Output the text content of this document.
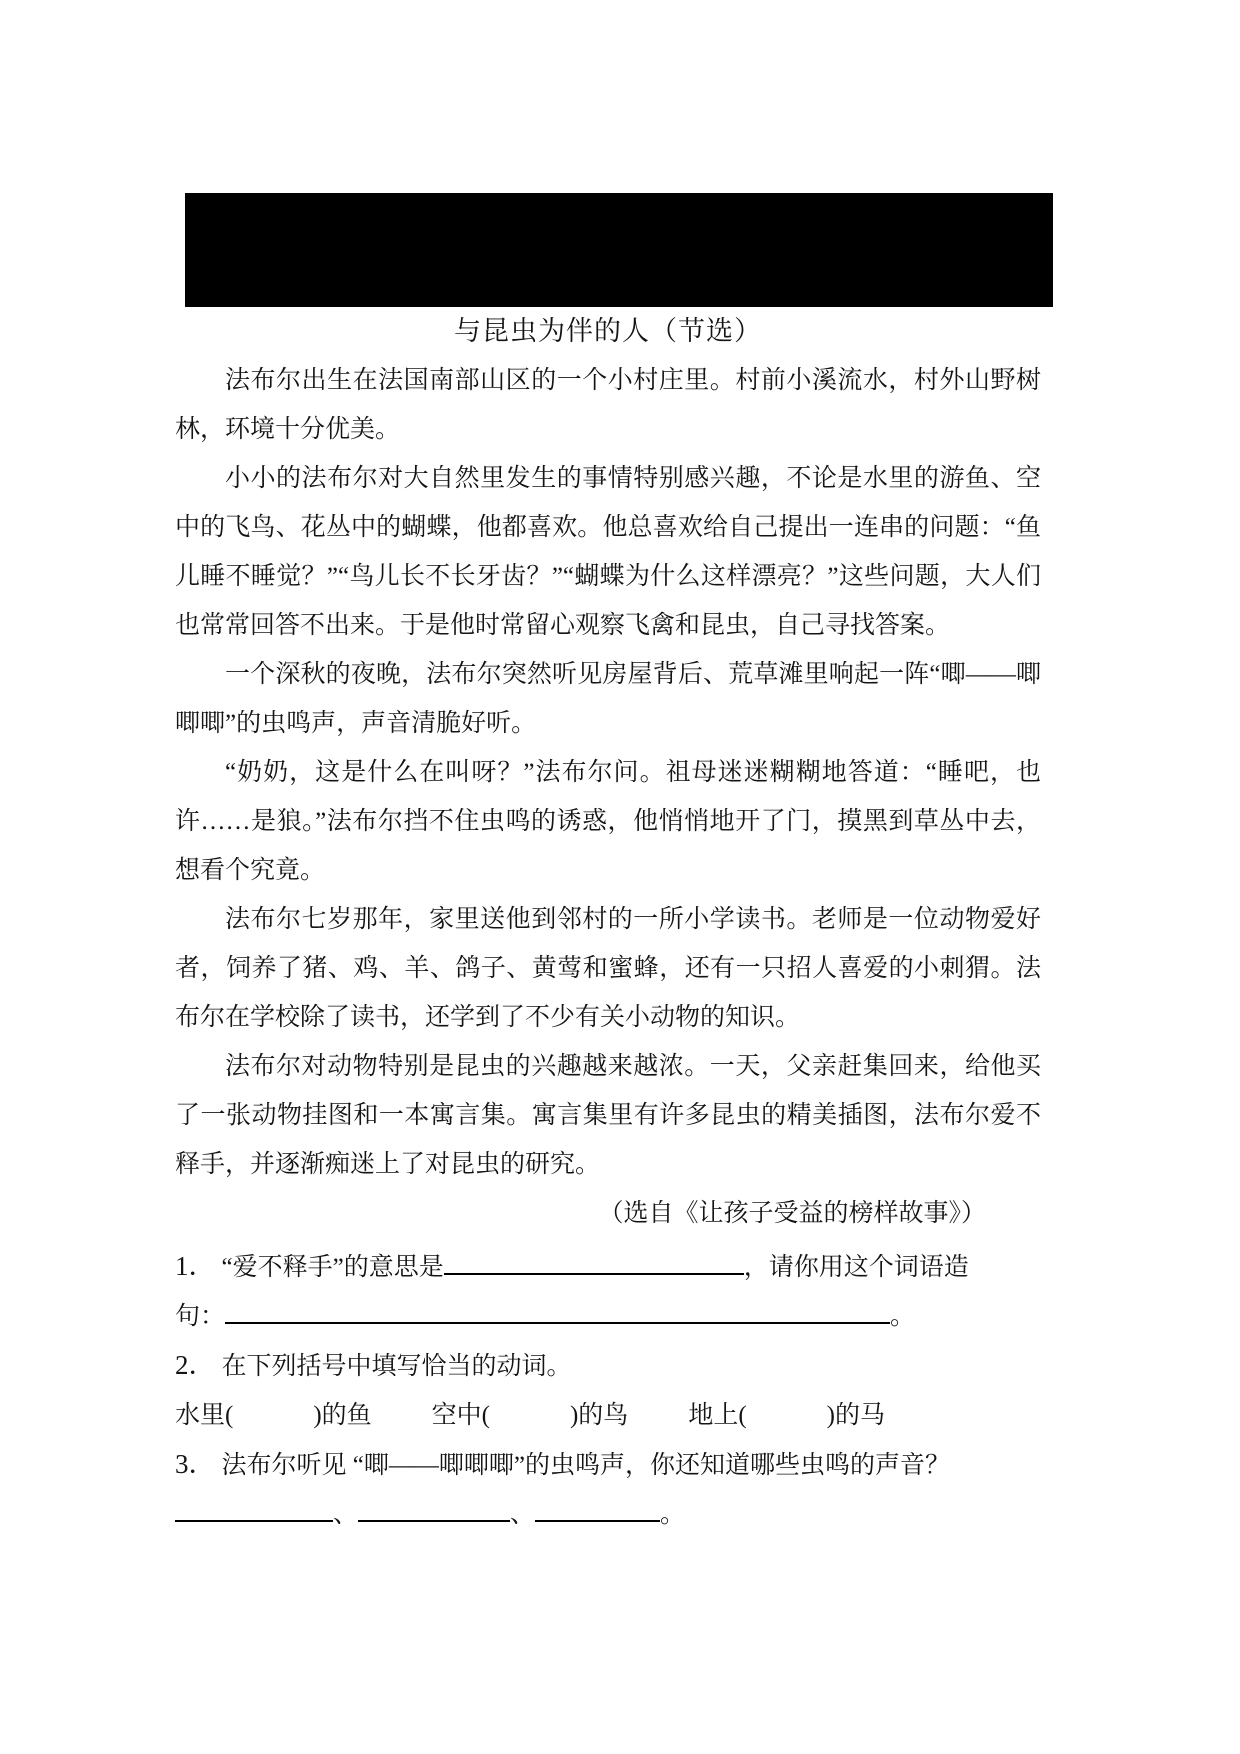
与昆虫为伴的人（节选）

法布尔出生在法国南部山区的一个小村庄里。村前小溪流水，村外山野树林，环境十分优美。

小小的法布尔对大自然里发生的事情特别感兴趣，不论是水里的游鱼、空中的飞鸟、花丛中的蝴蝶，他都喜欢。他总喜欢给自己提出一连串的问题：“鱼儿睡不睡觉？”“鸟儿长不长牙齿？”“蝴蝶为什么这样漂亮？”这些问题，大人们也常常回答不出来。于是他时常留心观察飞禽和昆虫，自己寻找答案。

一个深秋的夜晚，法布尔突然听见房屋背后、荒草滩里响起一阵“唧——唧唧唧”的虫鸣声，声音清脆好听。

“奶奶，这是什么在叫呀？”法布尔问。祖母迷迷糊糊地答道：“睡吧，也许……是狼。”法布尔挡不住虫鸣的诱惑，他悄悄地开了门，摸黑到草丛中去，想看个究竟。

法布尔七岁那年，家里送他到邻村的一所小学读书。老师是一位动物爱好者，饲养了猪、鸡、羊、鸽子、黄莺和蜜蜂，还有一只招人喜爱的小刺猬。法布尔在学校除了读书，还学到了不少有关小动物的知识。

法布尔对动物特别是昆虫的兴趣越来越浓。一天，父亲赶集回来，给他买了一张动物挂图和一本寓言集。寓言集里有许多昆虫的精美插图，法布尔爱不释手，并逐渐痴迷上了对昆虫的研究。

（选自《让孩子受益的榜样故事》）

1． “爱不释手”的意思是	，请你用这个词语造
句：	。
2． 在下列括号中填写恰当的动词。
水里(	)的鱼 空中(	)的鸟 地上(	)的马
3． 法布尔听见 “唧——唧唧唧”的虫鸣声，你还知道哪些虫鸣的声音？
、	、	。
